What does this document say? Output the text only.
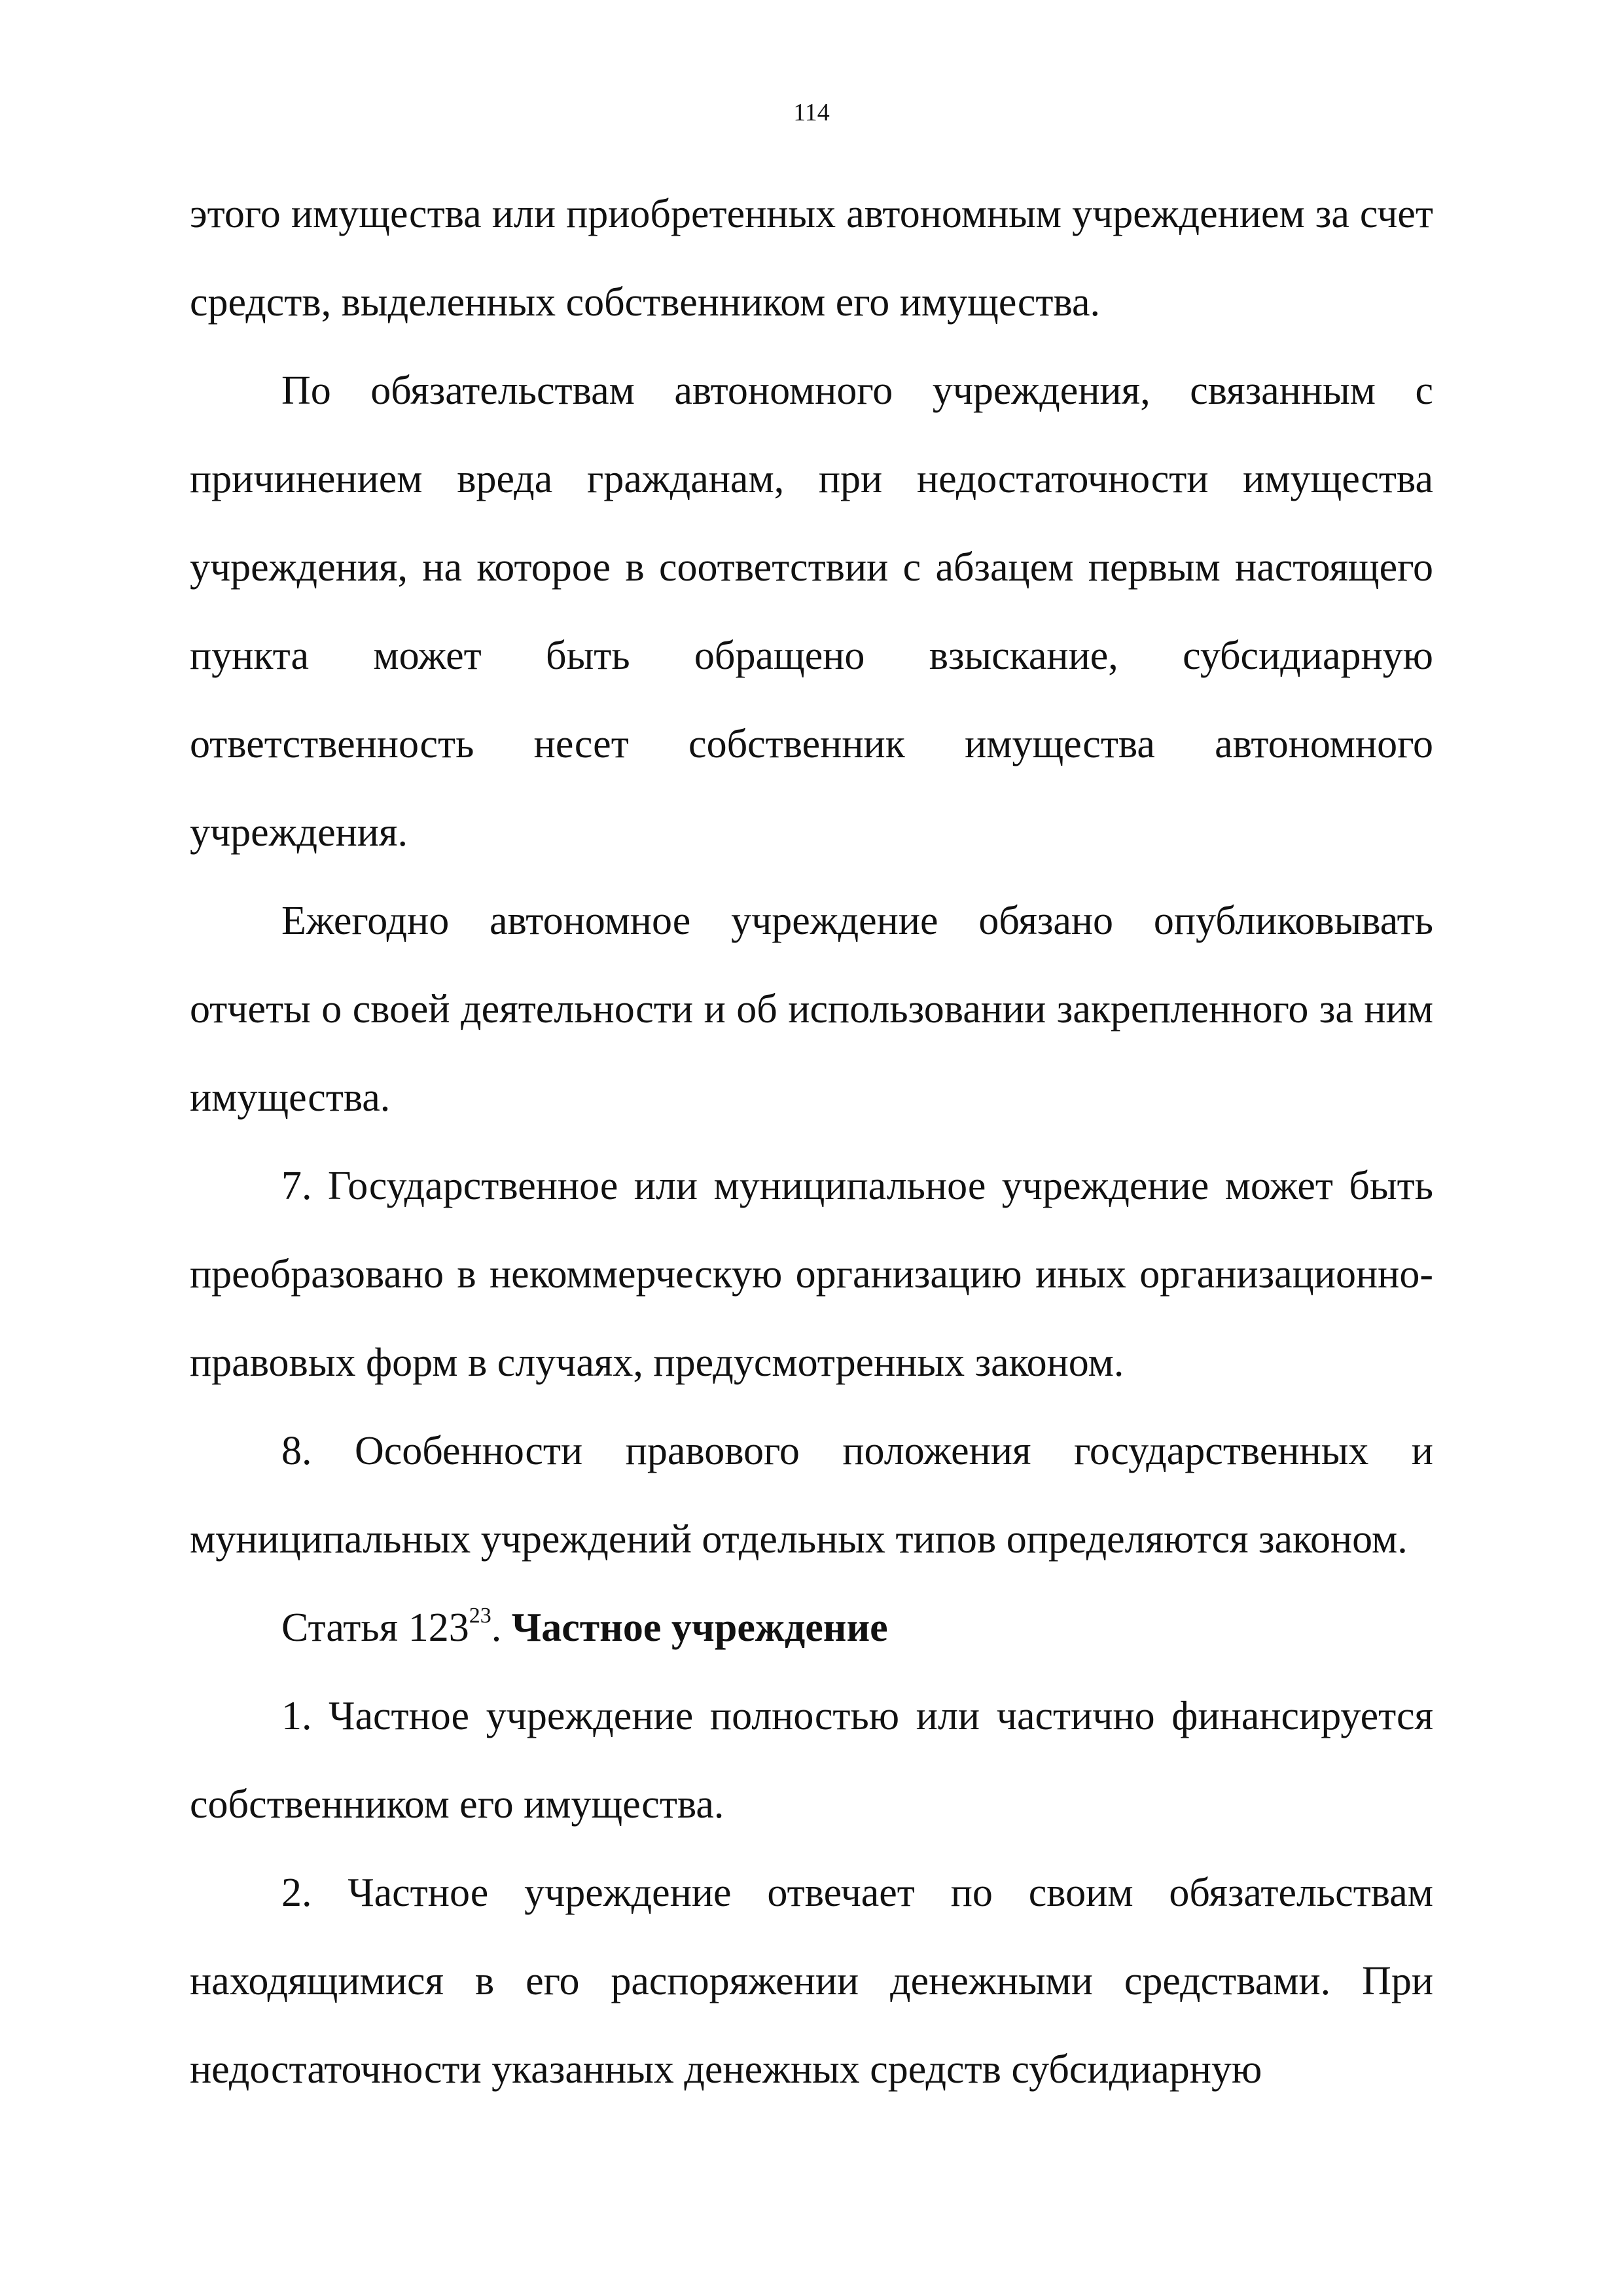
114

этого имущества или приобретенных автономным учреждением за счет средств, выделенных собственником его имущества.

По обязательствам автономного учреждения, связанным с причинением вреда гражданам, при недостаточности имущества учреждения, на которое в соответствии с абзацем первым настоящего пункта может быть обращено взыскание, субсидиарную ответственность несет собственник имущества автономного учреждения.

Ежегодно автономное учреждение обязано опубликовывать отчеты о своей деятельности и об использовании закрепленного за ним имущества.

7. Государственное или муниципальное учреждение может быть преобразовано в некоммерческую организацию иных организационно-правовых форм в случаях, предусмотренных законом.

8. Особенности правового положения государственных и муниципальных учреждений отдельных типов определяются законом.

Статья $123^{23}$. Частное учреждение

1. Частное учреждение полностью или частично финансируется собственником его имущества.

2. Частное учреждение отвечает по своим обязательствам находящимися в его распоряжении денежными средствами. При недостаточности указанных денежных средств субсидиарную
